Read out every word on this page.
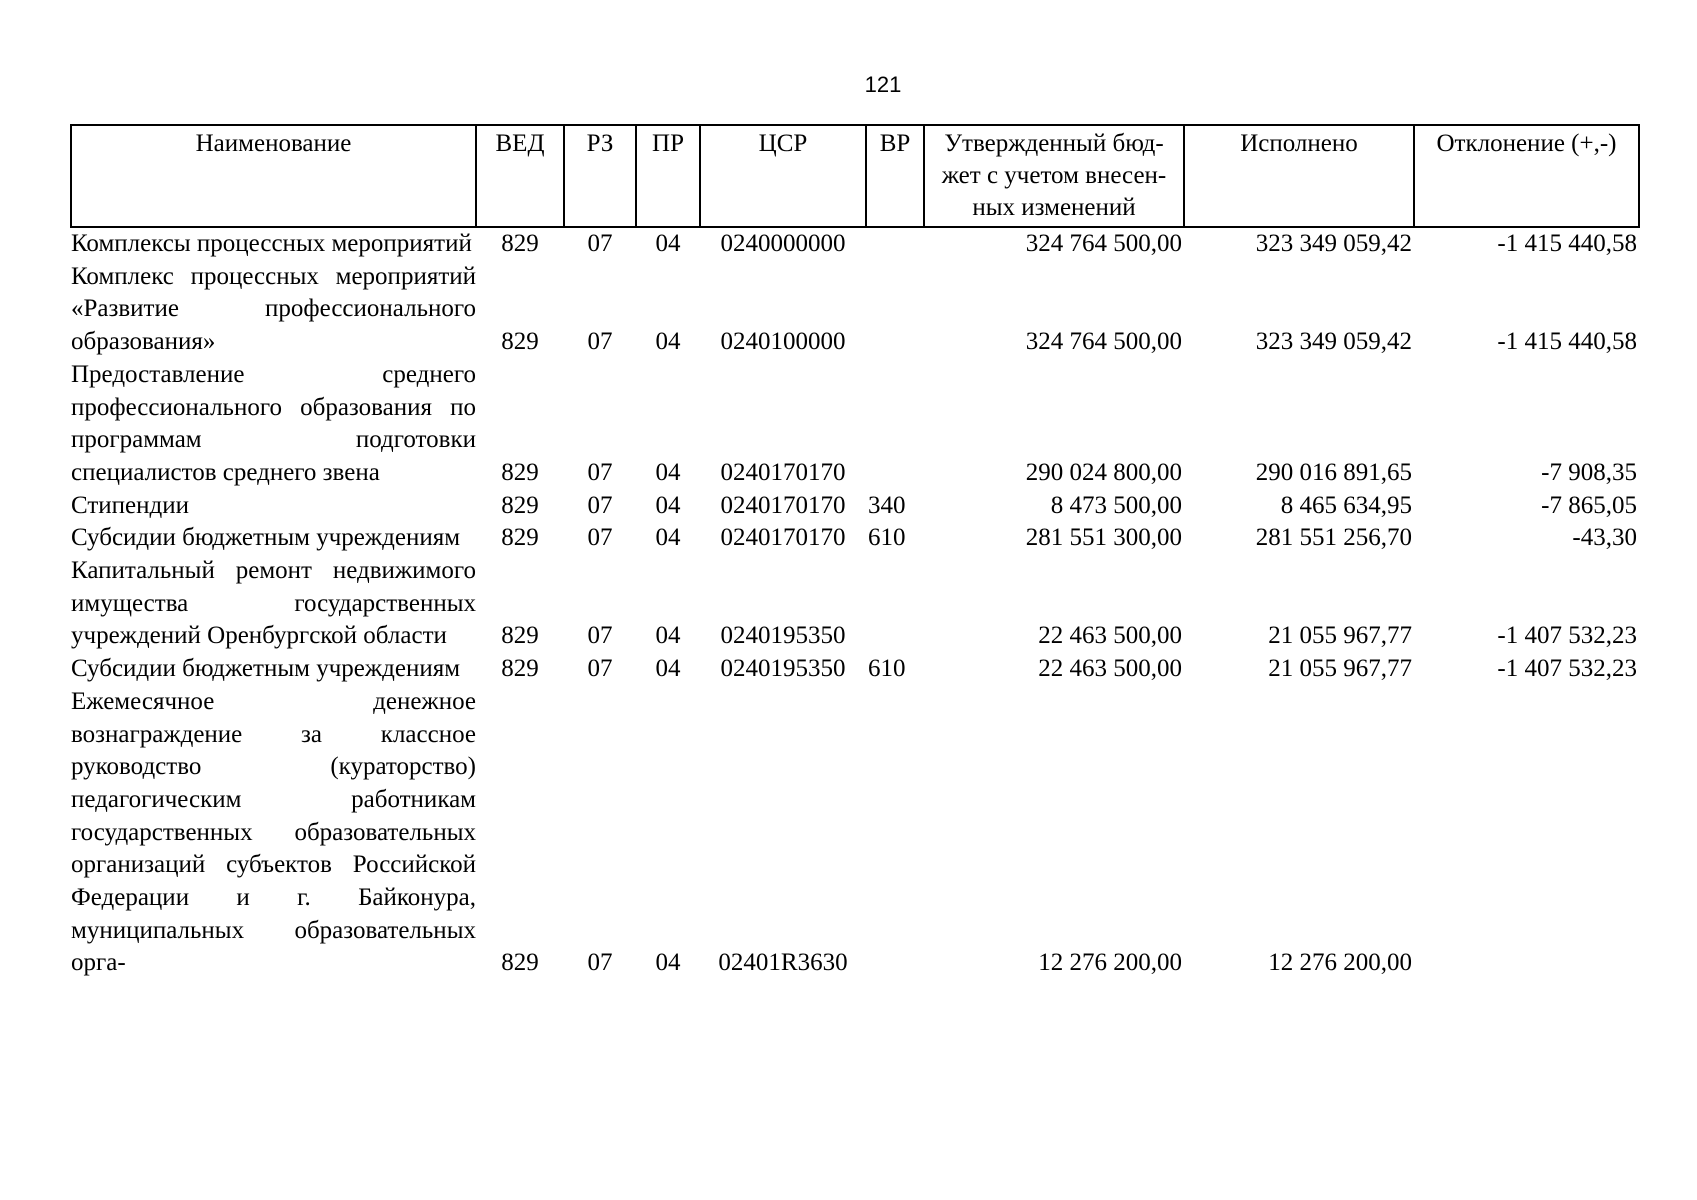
121
Наименование	ВЕД	РЗ	ПР	ЦСР	ВР	Утвержденный бюд-жет с учетом внесен-ных изменений	Исполнено	Отклонение (+,-)
Комплексы процессных мероприятий	829	07	04	0240000000		324 764 500,00	323 349 059,42	-1 415 440,58
Комплекс процессных мероприятий «Развитие профессионального образования»	829	07	04	0240100000		324 764 500,00	323 349 059,42	-1 415 440,58
Предоставление среднего профессионального образования по программам подготовки специалистов среднего звена	829	07	04	0240170170		290 024 800,00	290 016 891,65	-7 908,35
Стипендии	829	07	04	0240170170	340	8 473 500,00	8 465 634,95	-7 865,05
Субсидии бюджетным учреждениям	829	07	04	0240170170	610	281 551 300,00	281 551 256,70	-43,30
Капитальный ремонт недвижимого имущества государственных учреждений Оренбургской области	829	07	04	0240195350		22 463 500,00	21 055 967,77	-1 407 532,23
Субсидии бюджетным учреждениям	829	07	04	0240195350	610	22 463 500,00	21 055 967,77	-1 407 532,23
Ежемесячное денежное вознаграждение за классное руководство (кураторство) педагогическим работникам государственных образовательных организаций субъектов Российской Федерации и г. Байконура, муниципальных образовательных орга-	829	07	04	02401R3630		12 276 200,00	12 276 200,00	
